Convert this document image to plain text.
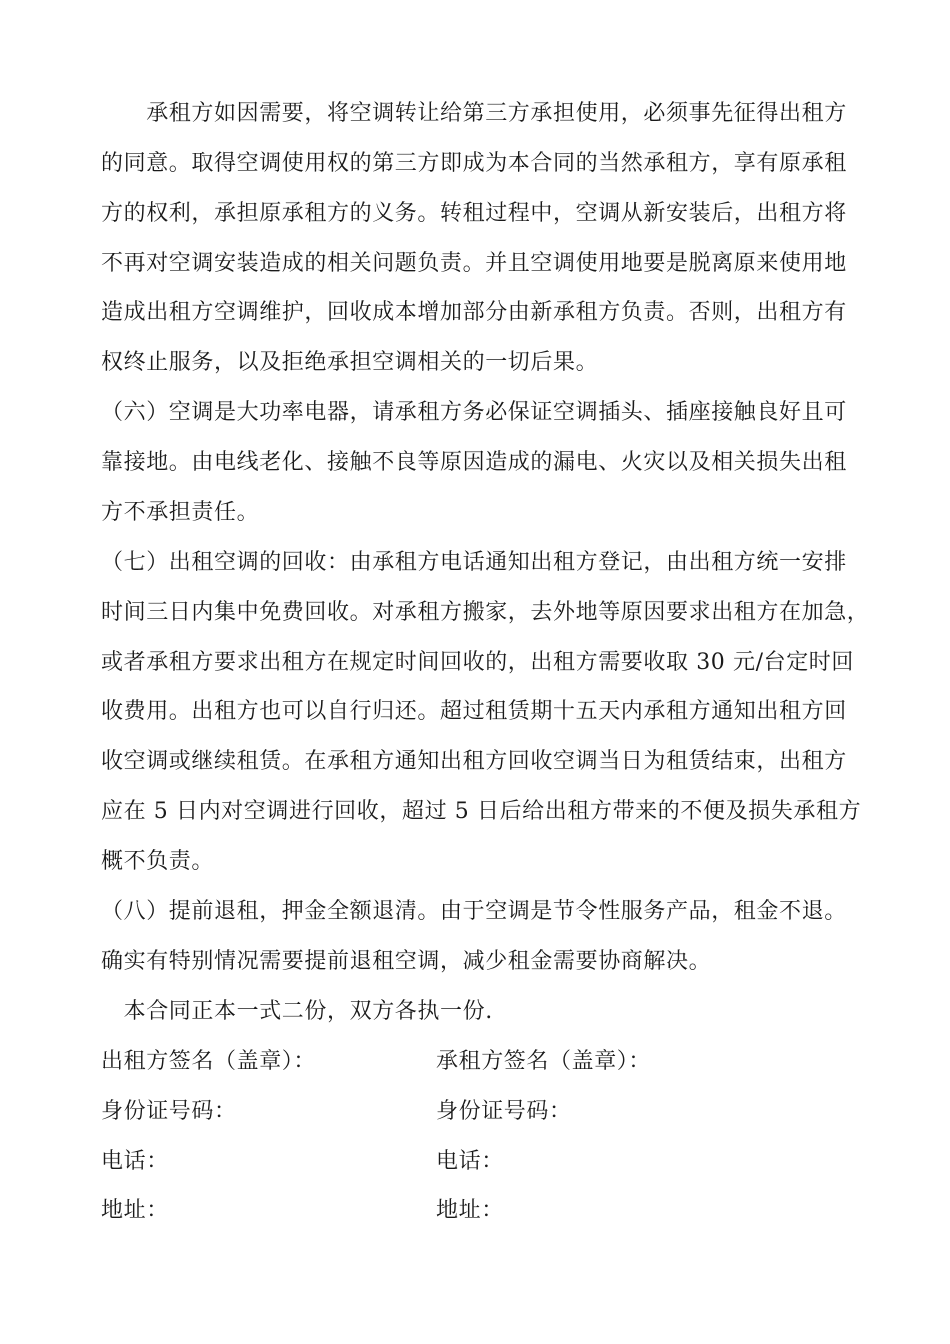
　　承租方如因需要，将空调转让给第三方承担使用，必须事先征得出租方
的同意。取得空调使用权的第三方即成为本合同的当然承租方，享有原承租
方的权利，承担原承租方的义务。转租过程中，空调从新安装后，出租方将
不再对空调安装造成的相关问题负责。并且空调使用地要是脱离原来使用地
造成出租方空调维护，回收成本增加部分由新承租方负责。否则，出租方有
权终止服务，以及拒绝承担空调相关的一切后果。
（六）空调是大功率电器，请承租方务必保证空调插头、插座接触良好且可
靠接地。由电线老化、接触不良等原因造成的漏电、火灾以及相关损失出租
方不承担责任。
（七）出租空调的回收：由承租方电话通知出租方登记，由出租方统一安排
时间三日内集中免费回收。对承租方搬家，去外地等原因要求出租方在加急，
或者承租方要求出租方在规定时间回收的，出租方需要收取 30 元/台定时回
收费用。出租方也可以自行归还。超过租赁期十五天内承租方通知出租方回
收空调或继续租赁。在承租方通知出租方回收空调当日为租赁结束，出租方
应在 5 日内对空调进行回收，超过 5 日后给出租方带来的不便及损失承租方
概不负责。
（八）提前退租，押金全额退清。由于空调是节令性服务产品，租金不退。
确实有特别情况需要提前退租空调，减少租金需要协商解决。
　本合同正本一式二份，双方各执一份.
出租方签名（盖章）：	承租方签名（盖章）：
身份证号码：	身份证号码：
电话：	电话：
地址：	地址：
